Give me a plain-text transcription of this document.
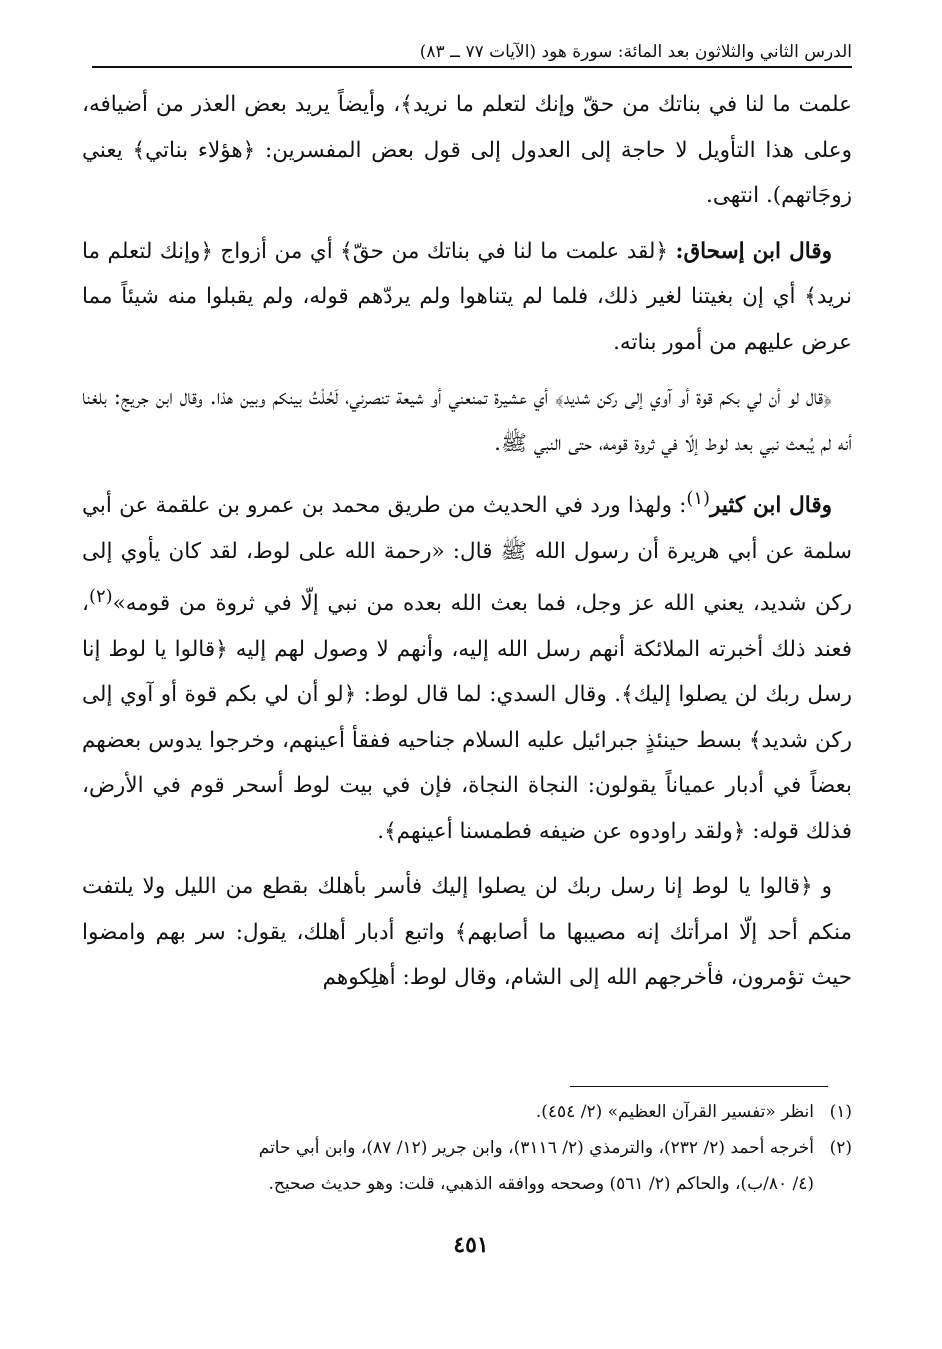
الدرس الثاني والثلاثون بعد المائة: سورة هود (الآيات ٧٧ ــ ٨٣)

علمت ما لنا في بناتك من حقّ وإنك لتعلم ما نريد﴾، وأيضاً يريد بعض العذر من أضيافه، وعلى هذا التأويل لا حاجة إلى العدول إلى قول بعض المفسرين: ﴿هؤلاء بناتي﴾ يعني زوجَاتهم). انتهى.

وقال ابن إسحاق: ﴿لقد علمت ما لنا في بناتك من حقّ﴾ أي من أزواج ﴿وإنك لتعلم ما نريد﴾ أي إن بغيتنا لغير ذلك، فلما لم يتناهوا ولم يردّهم قوله، ولم يقبلوا منه شيئاً مما عرض عليهم من أمور بناته.

﴿قال لو أن لي بكم قوة أو آوي إلى ركن شديد﴾ أي عشيرة تمنعني أو شيعة تنصرني، لَحُلْتُ بينكم وبين هذا. وقال ابن جريج: بلغنا أنه لم يُبعث نبي بعد لوط إلّا في ثروة قومه، حتى النبي ﷺ.

وقال ابن كثير$^{(١)}$: ولهذا ورد في الحديث من طريق محمد بن عمرو بن علقمة عن أبي سلمة عن أبي هريرة أن رسول الله ﷺ قال: «رحمة الله على لوط، لقد كان يأوي إلى ركن شديد، يعني الله عز وجل، فما بعث الله بعده من نبي إلّا في ثروة من قومه»$^{(٢)}$، فعند ذلك أخبرته الملائكة أنهم رسل الله إليه، وأنهم لا وصول لهم إليه ﴿قالوا يا لوط إنا رسل ربك لن يصلوا إليك﴾. وقال السدي: لما قال لوط: ﴿لو أن لي بكم قوة أو آوي إلى ركن شديد﴾ بسط حينئذٍ جبرائيل عليه السلام جناحيه ففقأ أعينهم، وخرجوا يدوس بعضهم بعضاً في أدبار عمياناً يقولون: النجاة النجاة، فإن في بيت لوط أسحر قوم في الأرض، فذلك قوله: ﴿ولقد راودوه عن ضيفه فطمسنا أعينهم﴾.

و ﴿قالوا يا لوط إنا رسل ربك لن يصلوا إليك فأسر بأهلك بقطع من الليل ولا يلتفت منكم أحد إلّا امرأتك إنه مصيبها ما أصابهم﴾ واتبع أدبار أهلك، يقول: سر بهم وامضوا حيث تؤمرون، فأخرجهم الله إلى الشام، وقال لوط: أهلِكوهم

(١)انظر «تفسير القرآن العظيم» (٢/ ٤٥٤).

(٢)أخرجه أحمد (٢/ ٢٣٢)، والترمذي (٢/ ٣١١٦)، وابن جرير (١٢/ ٨٧)، وابن أبي حاتم

(٤/ ٨٠/ب)، والحاكم (٢/ ٥٦١) وصححه ووافقه الذهبي، قلت: وهو حديث صحيح.

٤٥١
